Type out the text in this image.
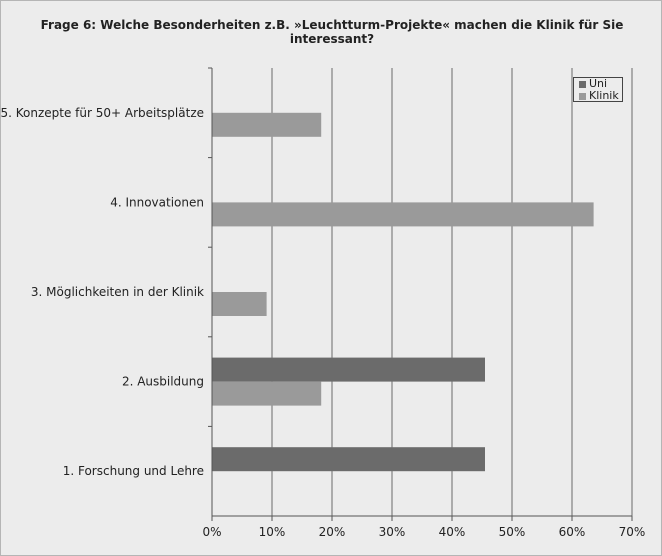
Frage 6: Welche Besonderheiten z.B. »Leuchtturm-Projekte« machen die Klinik für Sie interessant?
0%	10%	20%	30%	40%	50%	60%	70%
5. Konzepte für 50+ Arbeitsplätze
4. Innovationen
3. Möglichkeiten in der Klinik
2. Ausbildung
1. Forschung und Lehre
Uni
Klinik
